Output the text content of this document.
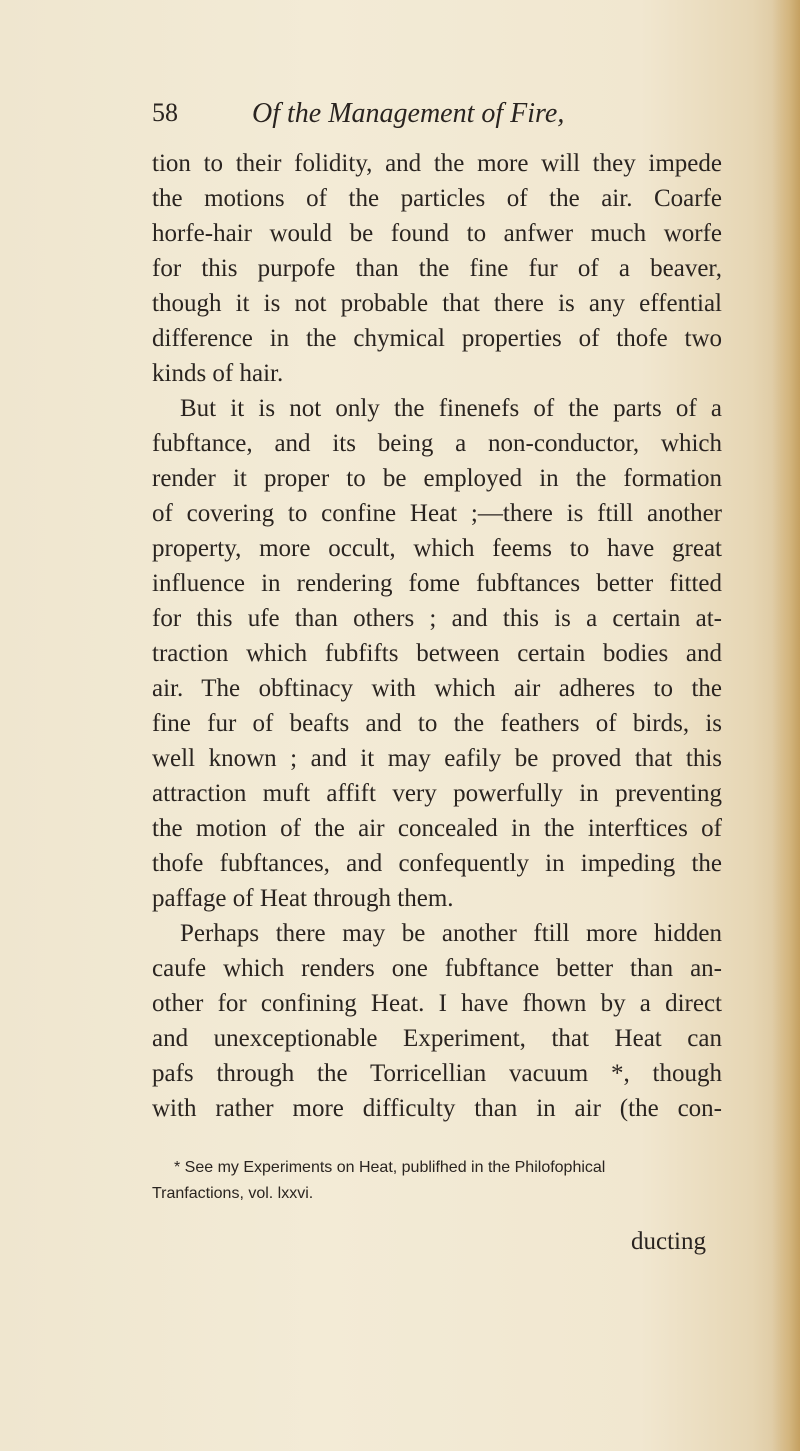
58	Of the Management of Fire,
tion to their folidity, and the more will they impede
the motions of the particles of the air. Coarfe
horfe-hair would be found to anfwer much worfe
for this purpofe than the fine fur of a beaver,
though it is not probable that there is any effential
difference in the chymical properties of thofe two
kinds of hair.
But it is not only the finenefs of the parts of a
fubftance, and its being a non-conductor, which
render it proper to be employed in the formation
of covering to confine Heat ;—there is ftill another
property, more occult, which feems to have great
influence in rendering fome fubftances better fitted
for this ufe than others ; and this is a certain at-
traction which fubfifts between certain bodies and
air. The obftinacy with which air adheres to the
fine fur of beafts and to the feathers of birds, is
well known ; and it may eafily be proved that this
attraction muft affift very powerfully in preventing
the motion of the air concealed in the interftices of
thofe fubftances, and confequently in impeding the
paffage of Heat through them.
Perhaps there may be another ftill more hidden
caufe which renders one fubftance better than an-
other for confining Heat. I have fhown by a direct
and unexceptionable Experiment, that Heat can
pafs through the Torricellian vacuum *, though
with rather more difficulty than in air (the con-
* See my Experiments on Heat, publifhed in the Philofophical
Tranfactions, vol. lxxvi.
ducting
